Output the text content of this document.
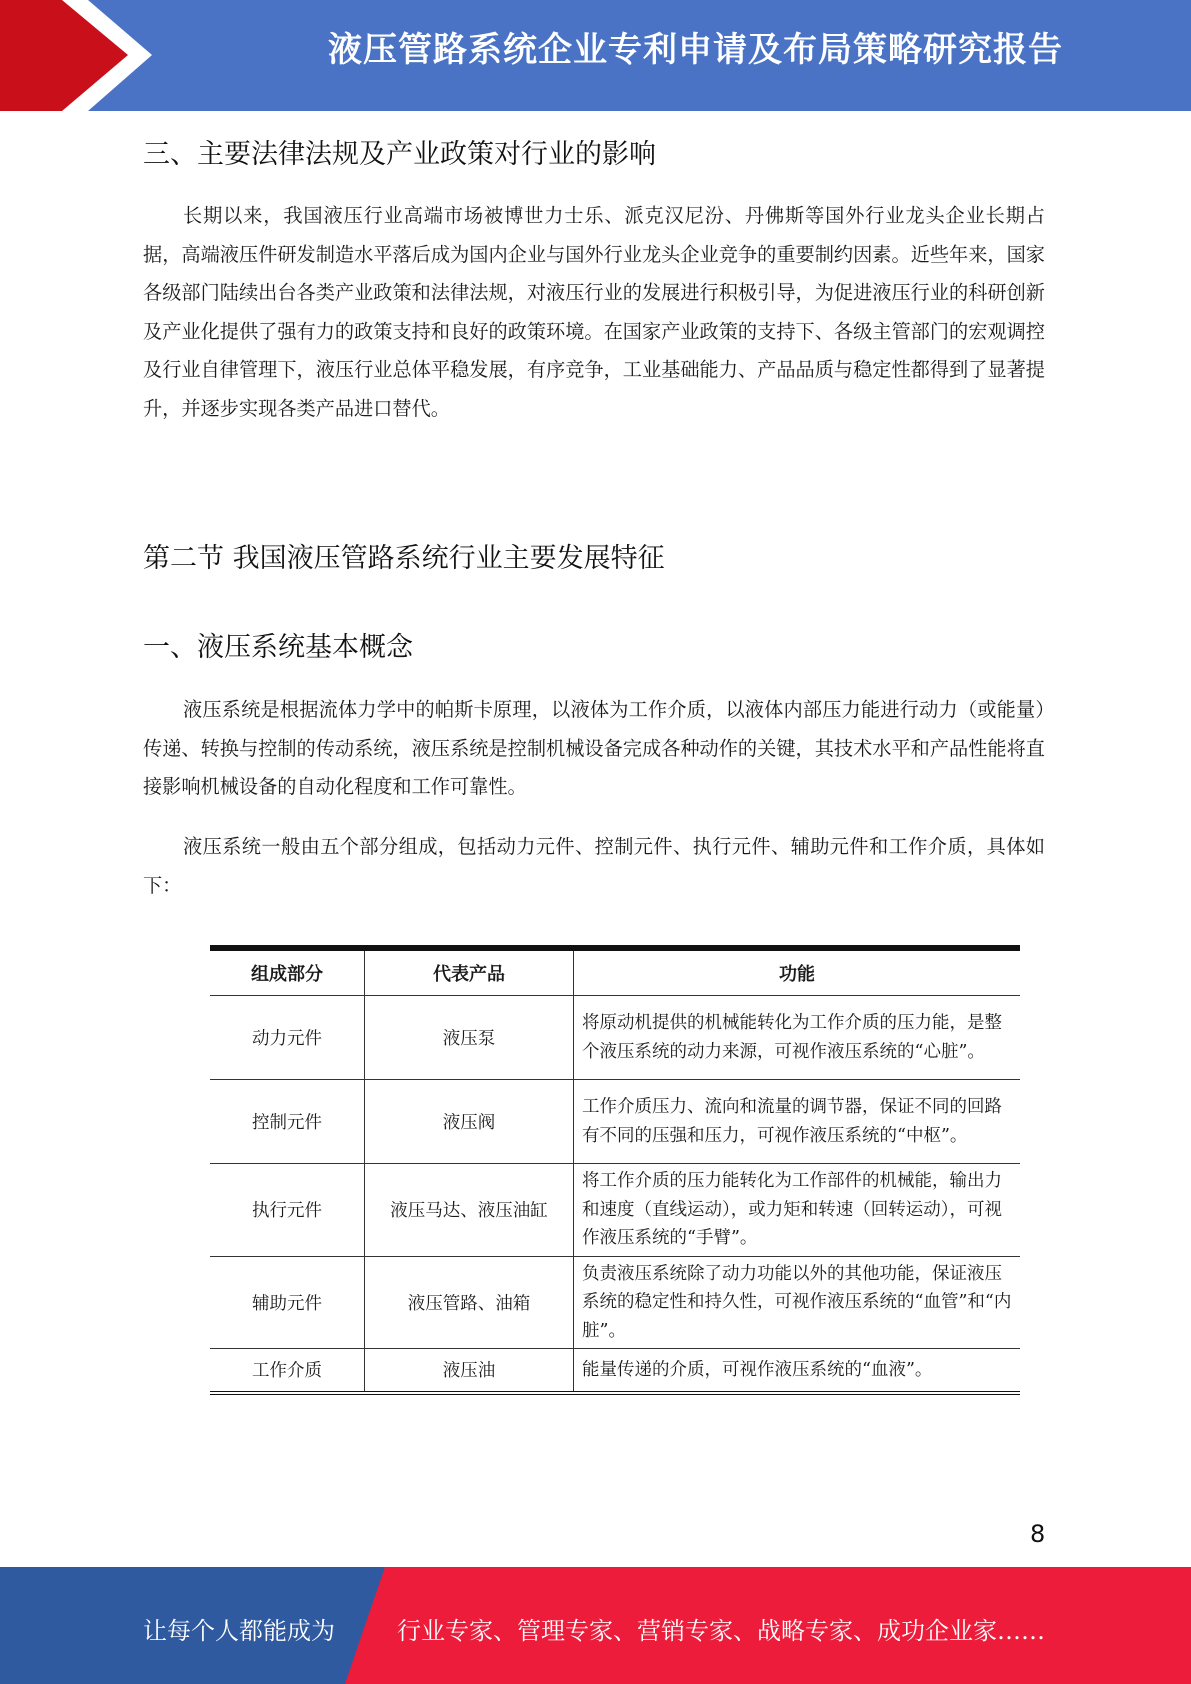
液压管路系统企业专利申请及布局策略研究报告
三、主要法律法规及产业政策对行业的影响

长期以来，我国液压行业高端市场被博世力士乐、派克汉尼汾、丹佛斯等国外行业龙头企业长期占据，高端液压件研发制造水平落后成为国内企业与国外行业龙头企业竞争的重要制约因素。近些年来，国家各级部门陆续出台各类产业政策和法律法规，对液压行业的发展进行积极引导，为促进液压行业的科研创新及产业化提供了强有力的政策支持和良好的政策环境。在国家产业政策的支持下、各级主管部门的宏观调控及行业自律管理下，液压行业总体平稳发展，有序竞争，工业基础能力、产品品质与稳定性都得到了显著提升，并逐步实现各类产品进口替代。

第二节 我国液压管路系统行业主要发展特征
一、液压系统基本概念

液压系统是根据流体力学中的帕斯卡原理，以液体为工作介质，以液体内部压力能进行动力（或能量）传递、转换与控制的传动系统，液压系统是控制机械设备完成各种动作的关键，其技术水平和产品性能将直接影响机械设备的自动化程度和工作可靠性。

液压系统一般由五个部分组成，包括动力元件、控制元件、执行元件、辅助元件和工作介质，具体如下：

组成部分	代表产品	功能
动力元件	液压泵	将原动机提供的机械能转化为工作介质的压力能，是整个液压系统的动力来源，可视作液压系统的“心脏”。
控制元件	液压阀	工作介质压力、流向和流量的调节器，保证不同的回路有不同的压强和压力，可视作液压系统的“中枢”。
执行元件	液压马达、液压油缸	将工作介质的压力能转化为工作部件的机械能，输出力和速度（直线运动），或力矩和转速（回转运动），可视作液压系统的“手臂”。
辅助元件	液压管路、油箱	负责液压系统除了动力功能以外的其他功能，保证液压系统的稳定性和持久性，可视作液压系统的“血管”和“内脏”。
工作介质	液压油	能量传递的介质，可视作液压系统的“血液”。
8
让每个人都能成为	行业专家、管理专家、营销专家、战略专家、成功企业家……
